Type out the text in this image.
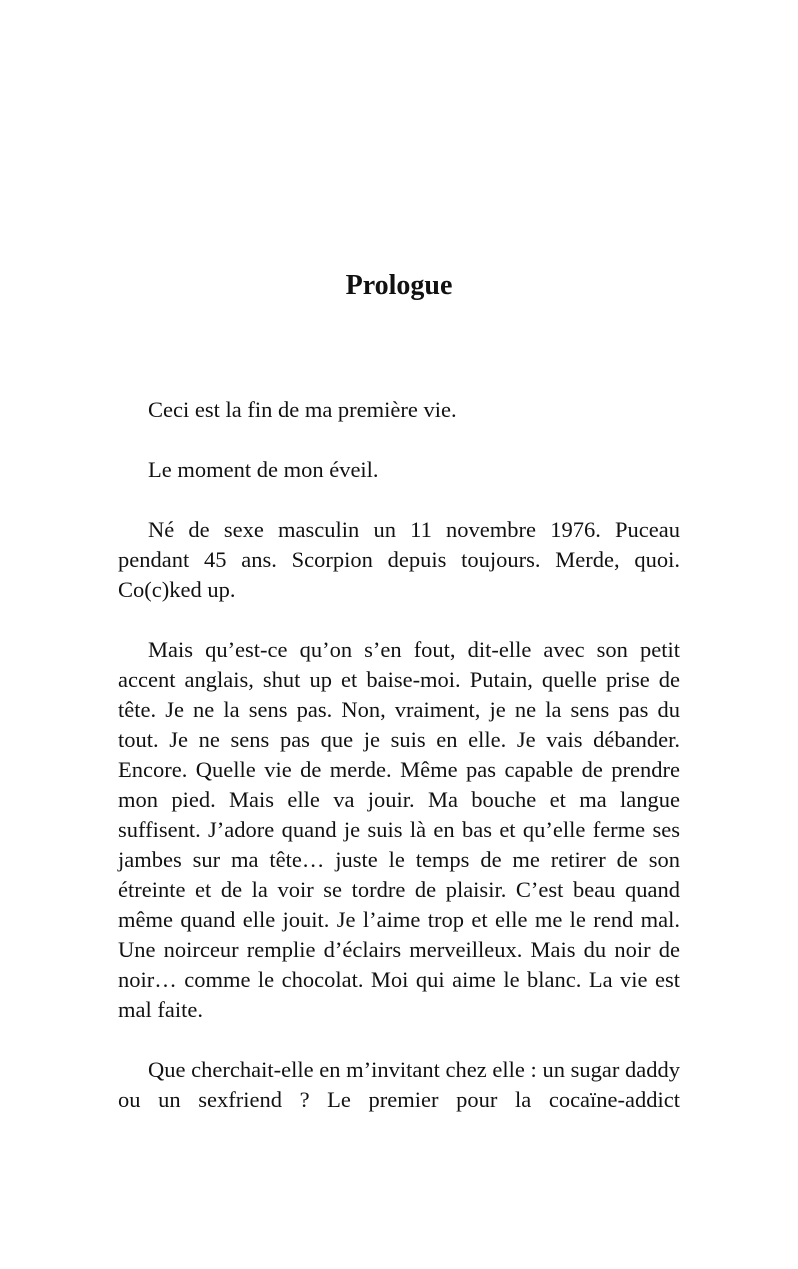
Prologue

Ceci est la fin de ma première vie.

Le moment de mon éveil.

Né de sexe masculin un 11 novembre 1976. Puceau pendant 45 ans. Scorpion depuis toujours. Merde, quoi. Co(c)ked up.

Mais qu’est-ce qu’on s’en fout, dit-elle avec son petit accent anglais, shut up et baise-moi. Putain, quelle prise de tête. Je ne la sens pas. Non, vraiment, je ne la sens pas du tout. Je ne sens pas que je suis en elle. Je vais débander. Encore. Quelle vie de merde. Même pas capable de prendre mon pied. Mais elle va jouir. Ma bouche et ma langue suffisent. J’adore quand je suis là en bas et qu’elle ferme ses jambes sur ma tête… juste le temps de me retirer de son étreinte et de la voir se tordre de plaisir. C’est beau quand même quand elle jouit. Je l’aime trop et elle me le rend mal. Une noirceur remplie d’éclairs merveilleux. Mais du noir de noir… comme le chocolat. Moi qui aime le blanc. La vie est mal faite.

Que cherchait-elle en m’invitant chez elle : un sugar daddy ou un sexfriend ? Le premier pour la cocaïne-addict
